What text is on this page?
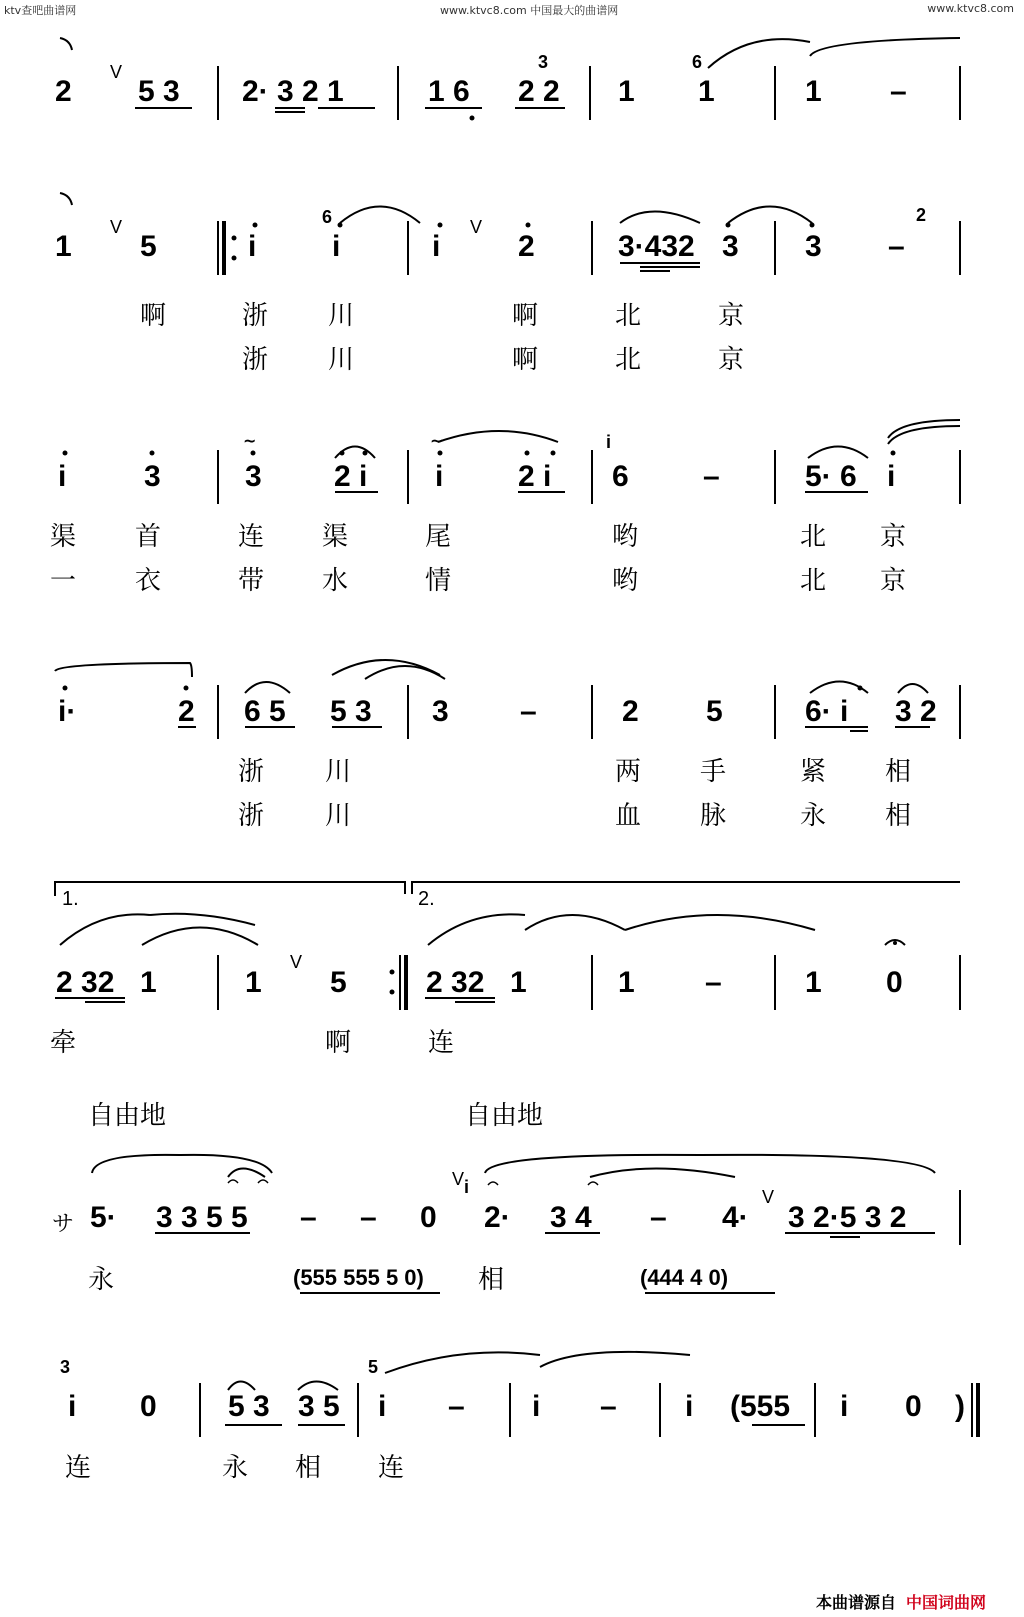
ktv查吧曲谱网	www.ktvc8.com 中国最大的曲谱网	www.ktvc8.com
2
V
5 3 2· 3 2 1	1 6
3
2 2 1
6
1	1 –
1
V
5	i
6
i	i
V
2	3·432 3 3 –
2
啊	浙 川	啊	北	京
浙 川	啊	北	京
~	~
i	3	3 2 i i 2 i
i
6 –	5· 6 i
渠 首	连 渠	尾	哟	北 京
一 衣	带 水	情	哟	北 京
i·	2 6 5 5 3 3 –	2 5	6· i 3 2
浙 川	两 手	紧 相
浙 川	血 脉	永 相
1.	2.
2 32 1	1
V
5	2 32 1	1 –	1 0
牵	啊	连
自由地	自由地
サ 5· 3 3 5 5 – – 0
V i
2· 3 4 – 4·
V
3 2·5 3 2
永	(555 555 5 0) 相	(444 4 0)
3
i 0 5 3 3 5
5
i – i – i (555 i 0 )
连	永 相 连
本曲谱源自 中国词曲网
